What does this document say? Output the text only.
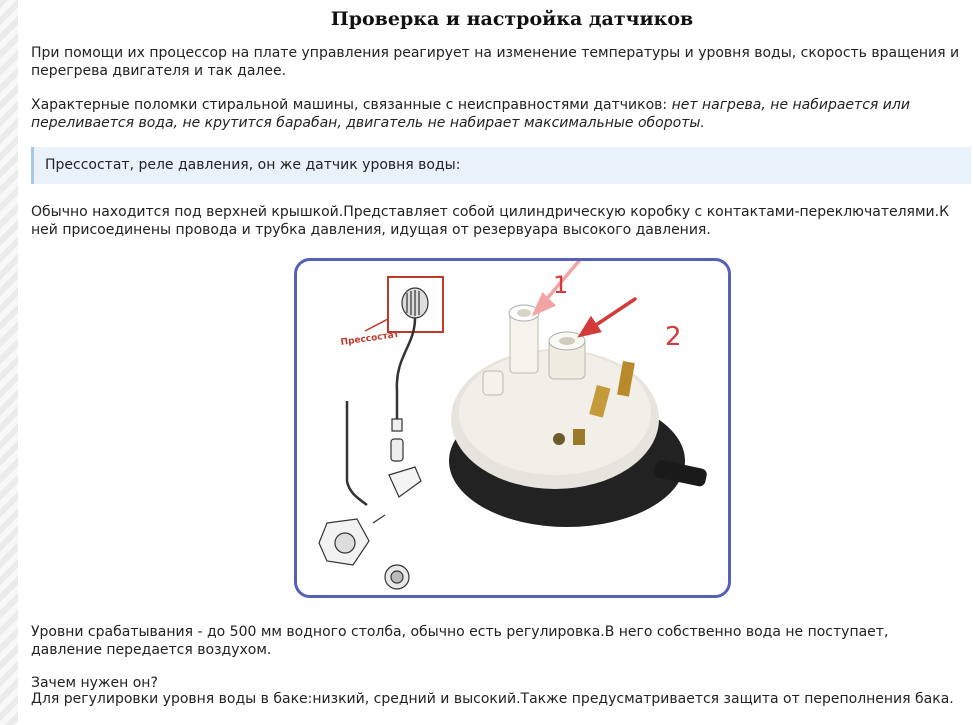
Проверка и настройка датчиков

При помощи их процессор на плате управления реагирует на изменение температуры и уровня воды, скорость вращения и перегрева двигателя и так далее.

Характерные поломки стиральной машины, связанные с неисправностями датчиков: нет нагрева, не набирается или переливается вода, не крутится барабан, двигатель не набирает максимальные обороты.

Прессостат, реле давления, он же датчик уровня воды:

Обычно находится под верхней крышкой.Представляет собой цилиндрическую коробку с контактами-переключателями.К ней присоединены провода и трубка давления, идущая от резервуара высокого давления.

Прессостат
1
2

Уровни срабатывания - до 500 мм водного столба, обычно есть регулировка.В него собственно вода не поступает, давление передается воздухом.

Зачем нужен он?

Для регулировки уровня воды в баке:низкий, средний и высокий.Также предусматривается защита от переполнения бака.
